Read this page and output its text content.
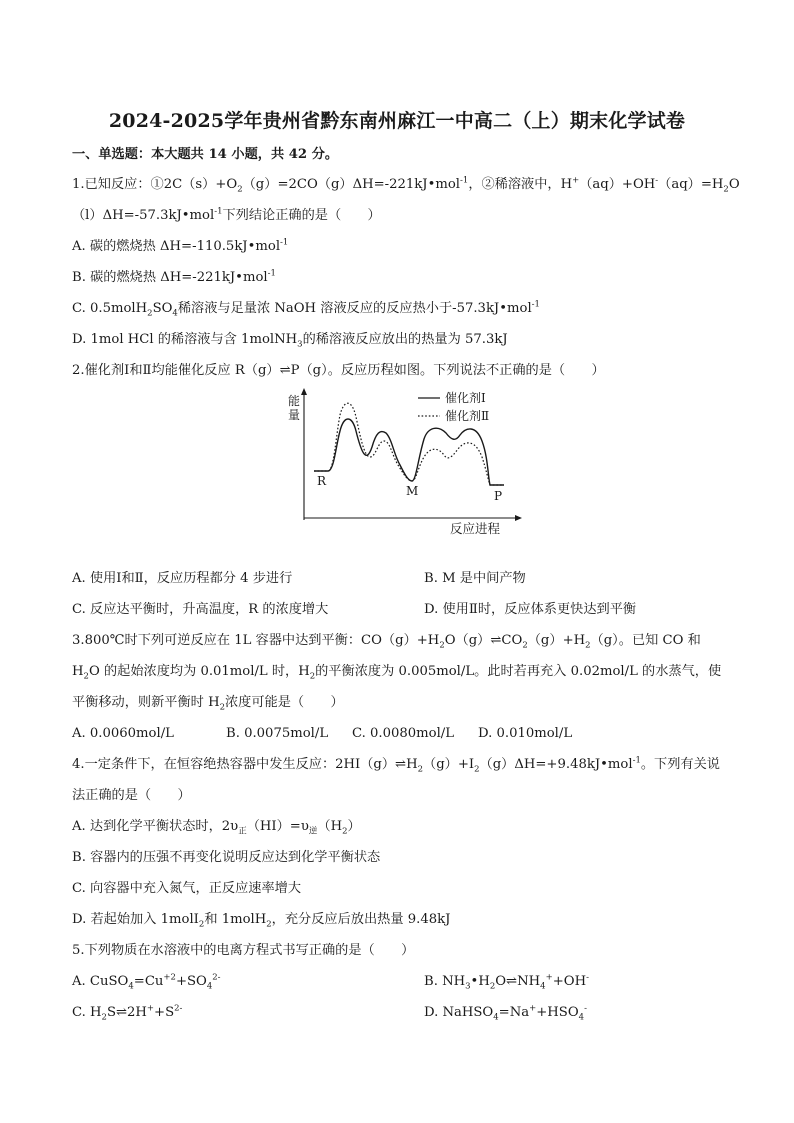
2024-2025学年贵州省黔东南州麻江一中高二（上）期末化学试卷
一、单选题：本大题共 14 小题，共 42 分。
1.已知反应：$①2C(s)+O_2(g)=2CO(g)\Delta H=-221kJ•mol^{-1}$，②稀溶液中，$H^+(aq)+OH^-(aq)=H_2O$
（l）ΔH=-57.3kJ•mol$^{-1}$下列结论正确的是（　　）
A. 碳的燃烧热 ΔH=-110.5kJ•mol$^{-1}$
B. 碳的燃烧热 ΔH=-221kJ•mol$^{-1}$
C. $0.5molH_2SO_4$稀溶液与足量浓 NaOH 溶液反应的反应热小于-57.3kJ•mol$^{-1}$
D. 1mol HCl 的稀溶液与含 1molNH$_3$的稀溶液反应放出的热量为 57.3kJ
2.催化剂Ⅰ和Ⅱ均能催化反应 R（g）⇌P（g）。反应历程如图。下列说法不正确的是（　　）
能量
反应进程
R
M	P
催化剂Ⅰ
催化剂Ⅱ
A. 使用Ⅰ和Ⅱ，反应历程都分 4 步进行	B. M 是中间产物
C. 反应达平衡时，升高温度，R 的浓度增大	D. 使用Ⅱ时，反应体系更快达到平衡
3.800℃时下列可逆反应在 1L 容器中达到平衡：$CO(g)+H_2O(g)\rightleftharpoons CO_2(g)+H_2(g)$。已知 CO 和
$H_2O$ 的起始浓度均为 0.01mol/L 时，$H_2$的平衡浓度为 0.005mol/L。此时若再充入 0.02mol/L 的水蒸气，使
平衡移动，则新平衡时 $H_2$浓度可能是（　　）
A. 0.0060mol/L	B. 0.0075mol/L C. 0.0080mol/L D. 0.010mol/L
4.一定条件下，在恒容绝热容器中发生反应：$2HI(g)\rightleftharpoons H_2(g)+I_2(g)\Delta H=+9.48kJ•mol^{-1}$。下列有关说
法正确的是（　　）
A. 达到化学平衡状态时，$2\upsilon_正(HI)=\upsilon_逆(H_2)$
B. 容器内的压强不再变化说明反应达到化学平衡状态
C. 向容器中充入氮气，正反应速率增大
D. 若起始加入 1molI$_2$和 1molH$_2$，充分反应后放出热量 9.48kJ
5.下列物质在水溶液中的电离方程式书写正确的是（　　）
A. $CuSO_4=Cu^{+2}+SO_4^{2-}$	B. $NH_3•H_2O\rightleftharpoons NH_4^++OH^-$
C. $H_2S\rightleftharpoons 2H^++S^{2-}$	D. $NaHSO_4=Na^++HSO_4^-$
